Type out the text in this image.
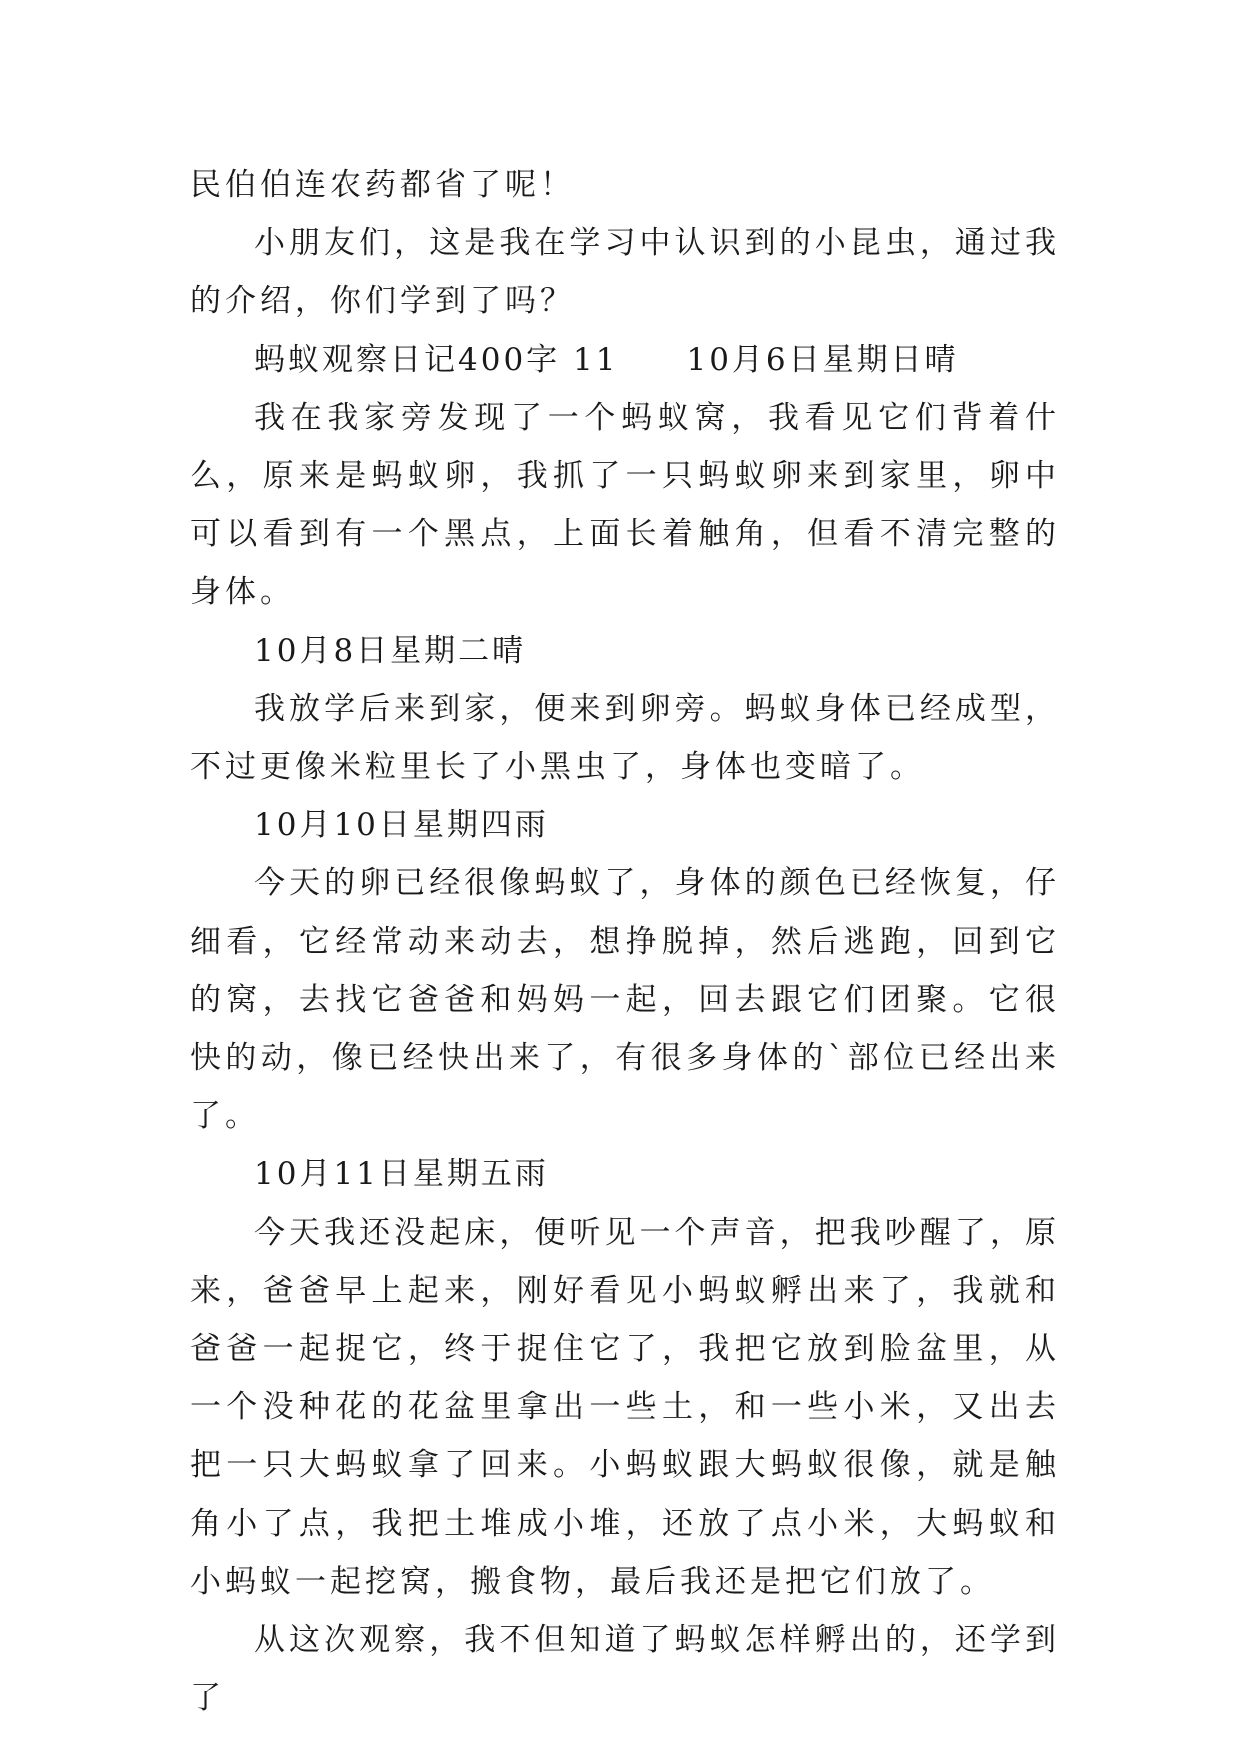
民伯伯连农药都省了呢！

小朋友们，这是我在学习中认识到的小昆虫，通过我的介绍，你们学到了吗？

蚂蚁观察日记400字 11　　10月6日星期日晴

我在我家旁发现了一个蚂蚁窝，我看见它们背着什么，原来是蚂蚁卵，我抓了一只蚂蚁卵来到家里，卵中可以看到有一个黑点，上面长着触角，但看不清完整的身体。

10月8日星期二晴

我放学后来到家，便来到卵旁。蚂蚁身体已经成型，不过更像米粒里长了小黑虫了，身体也变暗了。

10月10日星期四雨

今天的卵已经很像蚂蚁了，身体的颜色已经恢复，仔细看，它经常动来动去，想挣脱掉，然后逃跑，回到它的窝，去找它爸爸和妈妈一起，回去跟它们团聚。它很快的动，像已经快出来了，有很多身体的`部位已经出来了。

10月11日星期五雨

今天我还没起床，便听见一个声音，把我吵醒了，原来，爸爸早上起来，刚好看见小蚂蚁孵出来了，我就和爸爸一起捉它，终于捉住它了，我把它放到脸盆里，从一个没种花的花盆里拿出一些土，和一些小米，又出去把一只大蚂蚁拿了回来。小蚂蚁跟大蚂蚁很像，就是触角小了点，我把土堆成小堆，还放了点小米，大蚂蚁和小蚂蚁一起挖窝，搬食物，最后我还是把它们放了。

从这次观察，我不但知道了蚂蚁怎样孵出的，还学到了
